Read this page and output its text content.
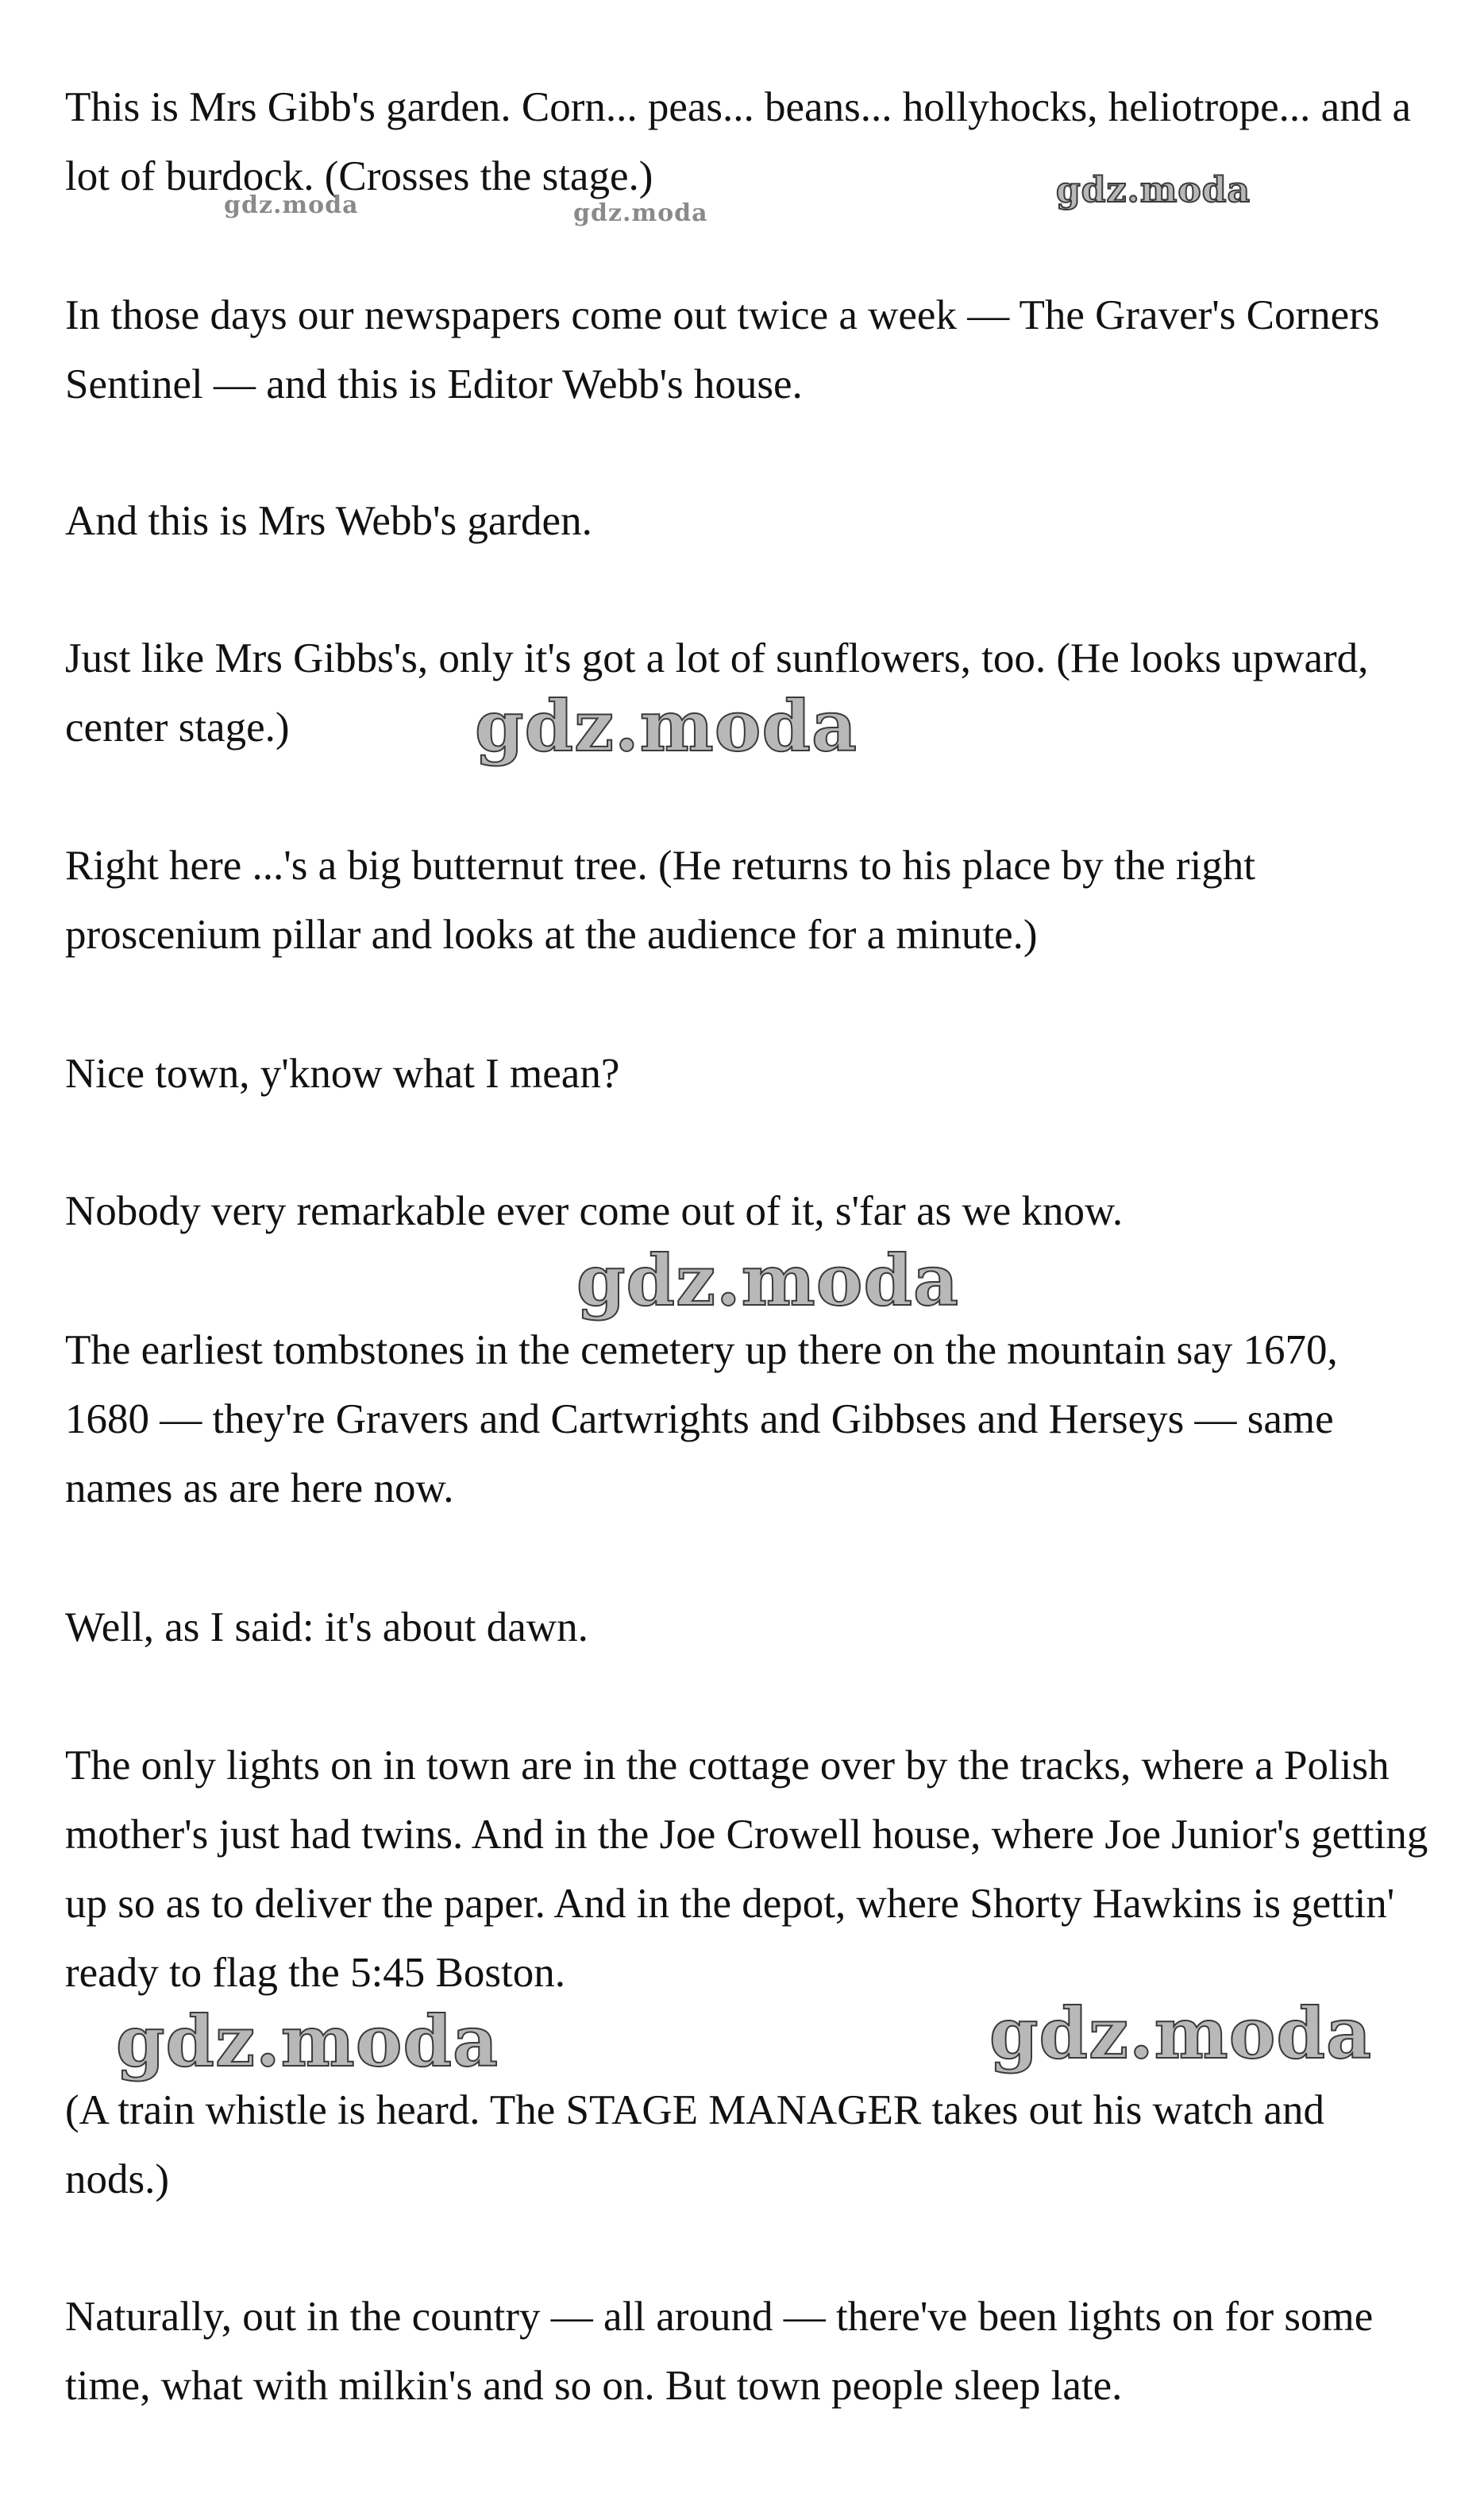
This is Mrs Gibb's garden. Corn... peas... beans... hollyhocks, heliotrope... and a lot of burdock. (Crosses the stage.)

In those days our newspapers come out twice a week — The Graver's Corners Sentinel — and this is Editor Webb's house.

And this is Mrs Webb's garden.

Just like Mrs Gibbs's, only it's got a lot of sunflowers, too. (He looks upward, center stage.)

Right here ...'s a big butternut tree. (He returns to his place by the right proscenium pillar and looks at the audience for a minute.)

Nice town, y'know what I mean?

Nobody very remarkable ever come out of it, s'far as we know.

The earliest tombstones in the cemetery up there on the mountain say 1670, 1680 — they're Gravers and Cartwrights and Gibbses and Herseys — same names as are here now.

Well, as I said: it's about dawn.

The only lights on in town are in the cottage over by the tracks, where a Polish mother's just had twins. And in the Joe Crowell house, where Joe Junior's getting up so as to deliver the paper. And in the depot, where Shorty Hawkins is gettin' ready to flag the 5:45 Boston.

(A train whistle is heard. The STAGE MANAGER takes out his watch and nods.)

Naturally, out in the country — all around — there've been lights on for some time, what with milkin's and so on. But town people sleep late.

gdz.moda	gdz.moda
gdz.moda
gdz.moda
gdz.moda
gdz.moda	gdz.moda
